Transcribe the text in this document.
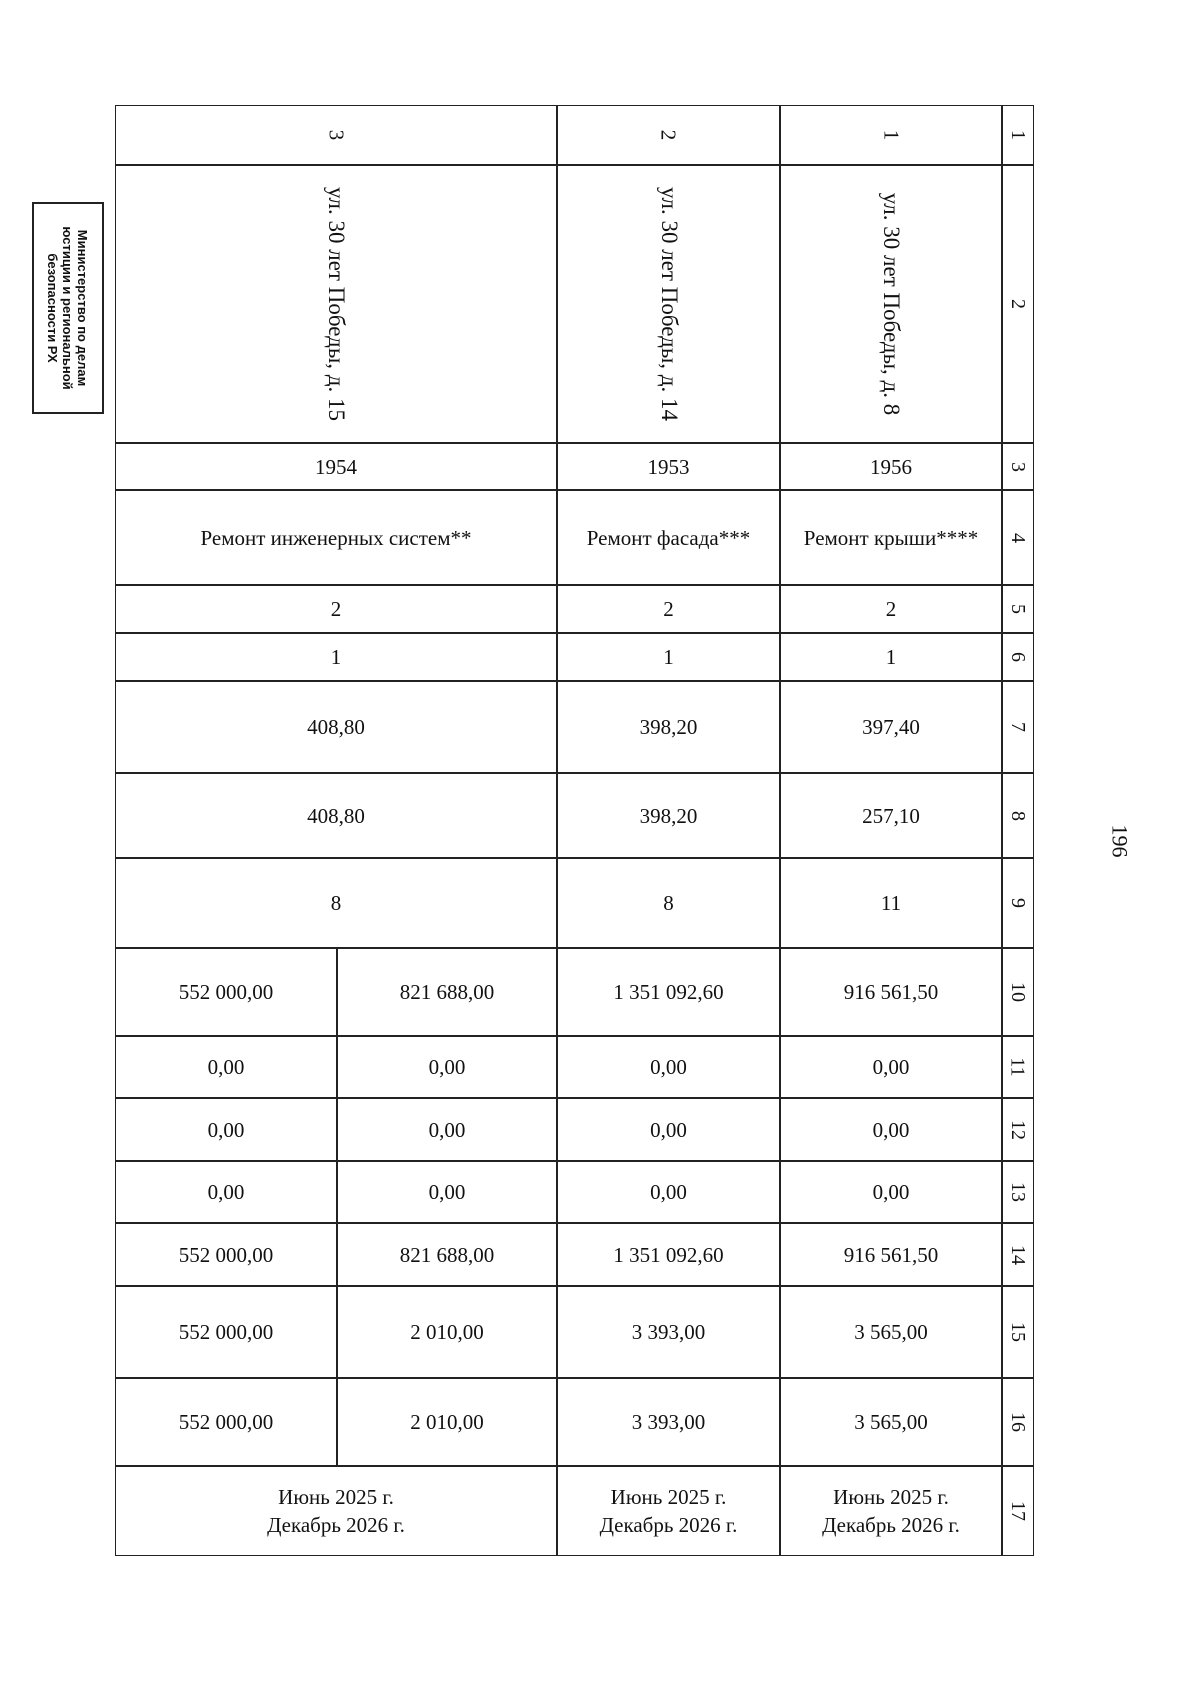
Министерство по делам
юстиции и региональной
безопасности РХ
196
1
2
3
4
5
6
7
8
9
10
11
12
13
14
15
16
17
1
ул. 30 лет Победы, д. 8
1956
Ремонт крыши****
2
1
397,40
257,10
11
916 561,50
0,00
0,00
0,00
916 561,50
3 565,00
3 565,00
Июнь 2025 г.
Декабрь 2026 г.
2
ул. 30 лет Победы, д. 14
1953
Ремонт фасада***
2
1
398,20
398,20
8
1 351 092,60
0,00
0,00
0,00
1 351 092,60
3 393,00
3 393,00
Июнь 2025 г.
Декабрь 2026 г.
3
ул. 30 лет Победы, д. 15
1954
Ремонт инженерных систем**
2
1
408,80
408,80
8
821 688,00
552 000,00
0,00
0,00
0,00
0,00
0,00
0,00
821 688,00
552 000,00
2 010,00
552 000,00
2 010,00
552 000,00
Июнь 2025 г.
Декабрь 2026 г.
